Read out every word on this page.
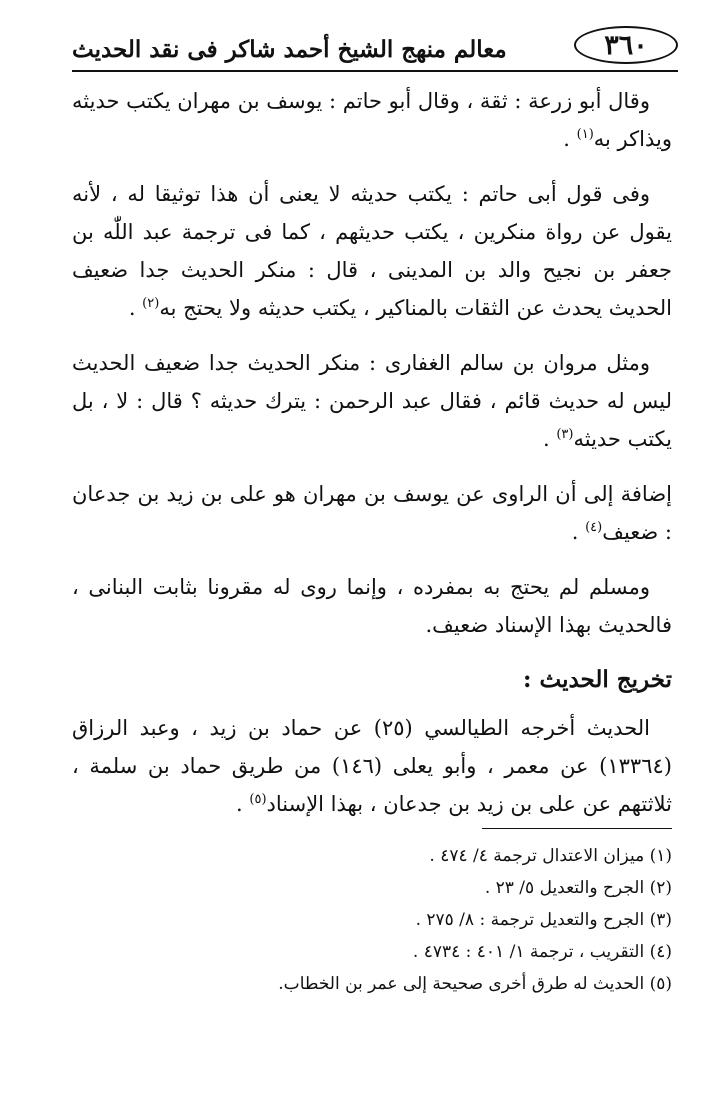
٣٦٠
معالم منهج الشيخ أحمد شاكر فى نقد الحديث

وقال أبو زرعة : ثقة ، وقال أبو حاتم : يوسف بن مهران يكتب حديثه ويذاكر به$^{(١)}$ .

وفى قول أبى حاتم : يكتب حديثه لا يعنى أن هذا توثيقا له ، لأنه يقول عن رواة منكرين ، يكتب حديثهم ، كما فى ترجمة عبد اللّٰه بن جعفر بن نجيح والد بن المدينى ، قال : منكر الحديث جدا ضعيف الحديث يحدث عن الثقات بالمناكير ، يكتب حديثه ولا يحتج به$^{(٢)}$ .

ومثل مروان بن سالم الغفارى : منكر الحديث جدا ضعيف الحديث ليس له حديث قائم ، فقال عبد الرحمن : يترك حديثه ؟ قال : لا ، بل يكتب حديثه$^{(٣)}$ .

إضافة إلى أن الراوى عن يوسف بن مهران هو على بن زيد بن جدعان : ضعيف$^{(٤)}$ .

ومسلم لم يحتج به بمفرده ، وإنما روى له مقرونا بثابت البنانى ، فالحديث بهذا الإسناد ضعيف.

تخريج الحديث :

الحديث أخرجه الطيالسي (٢٥) عن حماد بن زيد ، وعبد الرزاق (١٣٣٦٤) عن معمر ، وأبو يعلى (١٤٦) من طريق حماد بن سلمة ، ثلاثتهم عن على بن زيد بن جدعان ، بهذا الإسناد$^{(٥)}$ .

(١) ميزان الاعتدال ترجمة ٤/ ٤٧٤ .
(٢) الجرح والتعديل ٥/ ٢٣ .
(٣) الجرح والتعديل ترجمة : ٨/ ٢٧٥ .
(٤) التقريب ، ترجمة ١/ ٤٠١ : ٤٧٣٤ .
(٥) الحديث له طرق أخرى صحيحة إلى عمر بن الخطاب.
